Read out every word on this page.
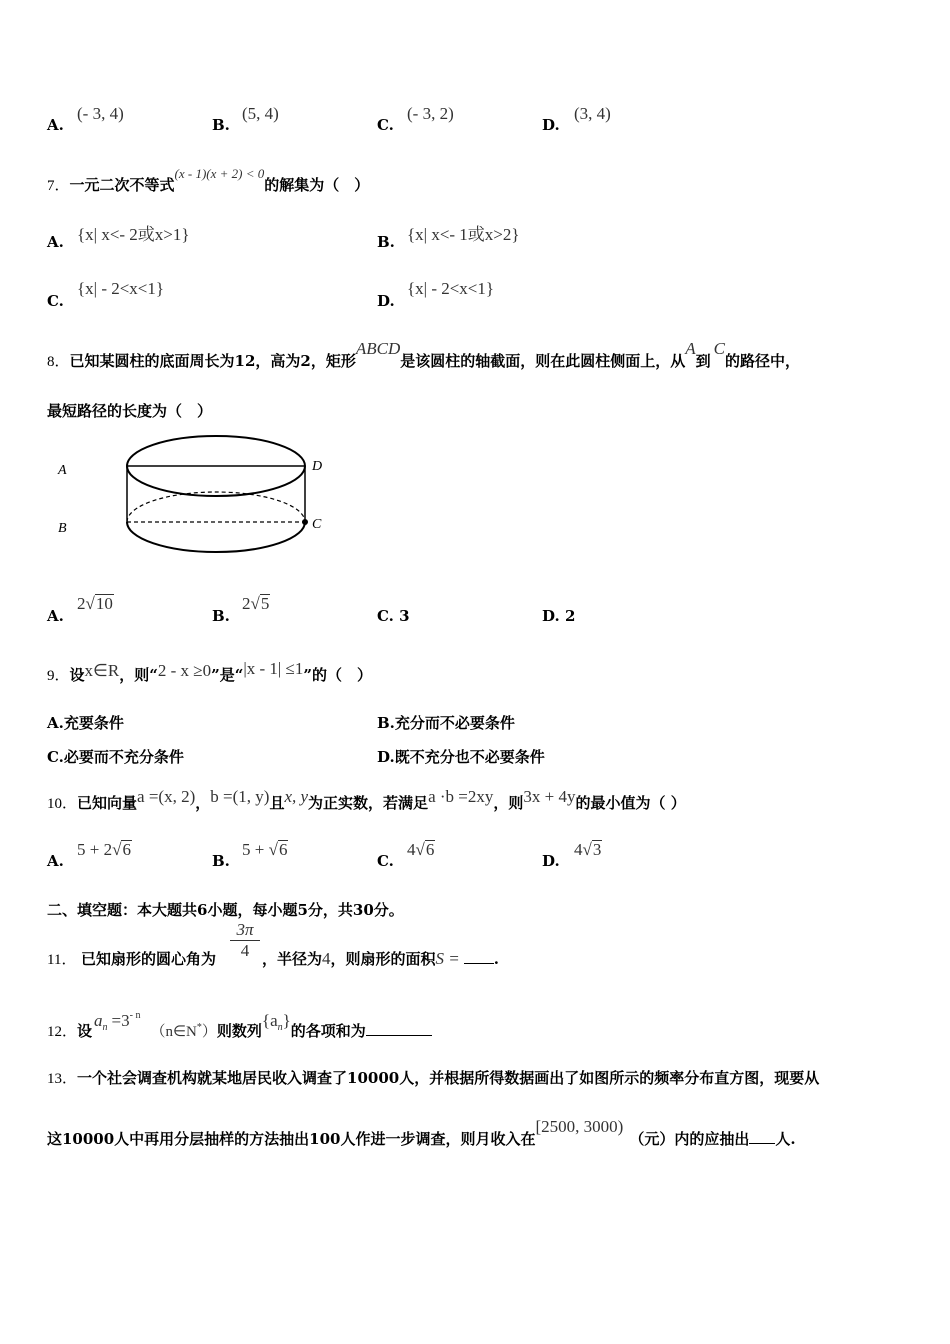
A.
(- 3, 4)
B.
(5, 4)
C.
(- 3, 2)
D.
(3, 4)
7．一元二次不等式$^{(x - 1)(x + 2) < 0}$的解集为（　）
A. {x| x<- 2或x>1}	B. {x| x<- 1或x>2}
C.
{x| - 2<x<1}
D.
{x| - 2<x<1}
8．已知某圆柱的底面周长为12，高为2，矩形ABCD是该圆柱的轴截面，则在此圆柱侧面上，从A到C的路径中，
最短路径的长度为（　）
A	D
B	C
A.
2√10
B.
2√5
C. 3	D. 2
9．设x∈R，则“2 - x ≥0”是“|x - 1| ≤1”的（　）
A.充要条件	B.充分而不必要条件
C.必要而不充分条件	D.既不充分也不必要条件
10．已知向量a =(x, 2)，b =(1, y)且x, y为正实数，若满足a ·b =2xy，则3x + 4y的最小值为（ ）
A.
5 + 2√6
B.
5 + √6
C.
4√6
D.
4√3
二、填空题：本大题共6小题，每小题5分，共30分。
11． 已知扇形的圆心角为
3π
4 ，半径为4，则扇形的面积S = .
12．设$a^n$ $=3^{- n}(n\in N^*)$则数列$\{a^n\}$的各项和为
13．一个社会调查机构就某地居民收入调查了10000人，并根据所得数据画出了如图所示的频率分布直方图，现要从
这10000人中再用分层抽样的方法抽出100人作进一步调查，则月收入在[2500, 3000)（元）内的应抽出 人.
